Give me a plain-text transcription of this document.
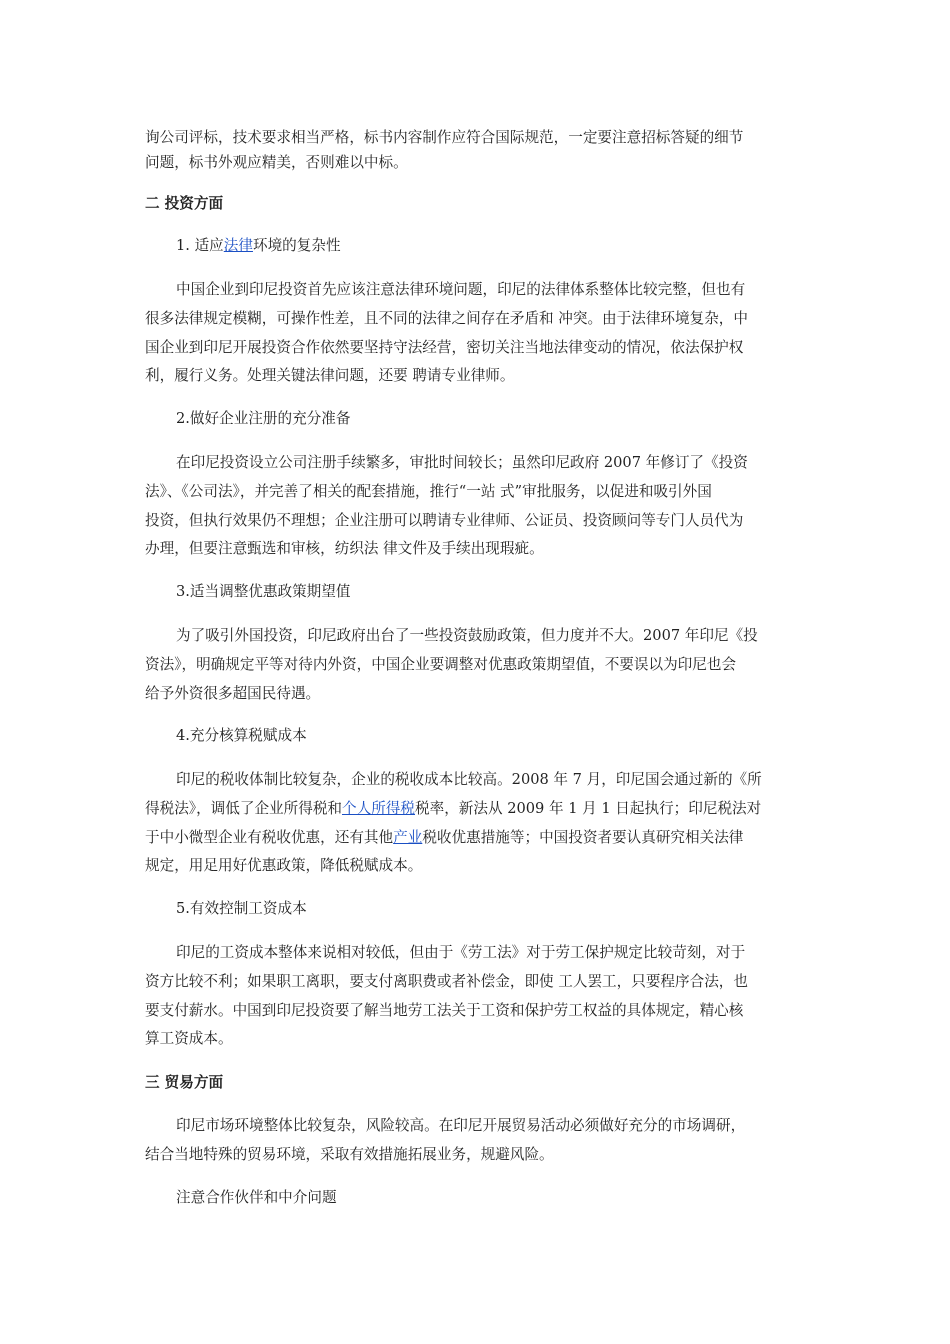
询公司评标，技术要求相当严格，标书内容制作应符合国际规范，一定要注意招标答疑的细节

问题，标书外观应精美，否则难以中标。

二 投资方面

1. 适应法律环境的复杂性

中国企业到印尼投资首先应该注意法律环境问题，印尼的法律体系整体比较完整，但也有

很多法律规定模糊，可操作性差，且不同的法律之间存在矛盾和 冲突。由于法律环境复杂，中

国企业到印尼开展投资合作依然要坚持守法经营，密切关注当地法律变动的情况，依法保护权

利，履行义务。处理关键法律问题，还要 聘请专业律师。

2.做好企业注册的充分准备

在印尼投资设立公司注册手续繁多，审批时间较长；虽然印尼政府 2007 年修订了《投资

法》、《公司法》，并完善了相关的配套措施，推行“一站 式”审批服务，以促进和吸引外国

投资，但执行效果仍不理想；企业注册可以聘请专业律师、公证员、投资顾问等专门人员代为

办理，但要注意甄选和审核，纺织法 律文件及手续出现瑕疵。

3.适当调整优惠政策期望值

为了吸引外国投资，印尼政府出台了一些投资鼓励政策，但力度并不大。2007 年印尼《投

资法》，明确规定平等对待内外资，中国企业要调整对优惠政策期望值，不要误以为印尼也会

给予外资很多超国民待遇。

4.充分核算税赋成本

印尼的税收体制比较复杂，企业的税收成本比较高。2008 年 7 月，印尼国会通过新的《所

得税法》，调低了企业所得税和个人所得税税率，新法从 2009 年 1 月 1 日起执行；印尼税法对

于中小微型企业有税收优惠，还有其他产业税收优惠措施等；中国投资者要认真研究相关法律

规定，用足用好优惠政策，降低税赋成本。

5.有效控制工资成本

印尼的工资成本整体来说相对较低，但由于《劳工法》对于劳工保护规定比较苛刻，对于

资方比较不利；如果职工离职，要支付离职费或者补偿金，即使 工人罢工，只要程序合法，也

要支付薪水。中国到印尼投资要了解当地劳工法关于工资和保护劳工权益的具体规定，精心核

算工资成本。

三 贸易方面

印尼市场环境整体比较复杂，风险较高。在印尼开展贸易活动必须做好充分的市场调研，

结合当地特殊的贸易环境，采取有效措施拓展业务，规避风险。

注意合作伙伴和中介问题
